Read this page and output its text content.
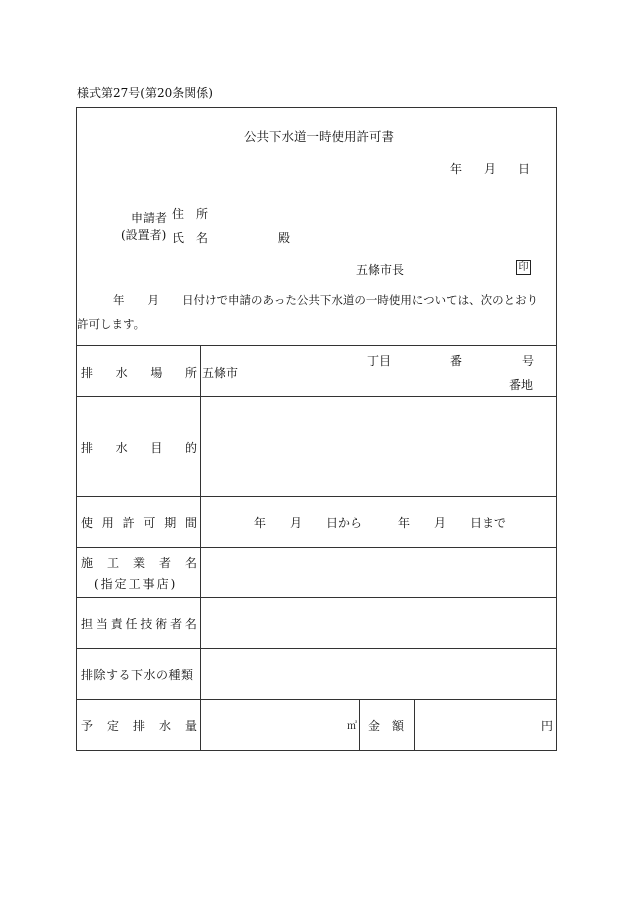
様式第27号(第20条関係)
公共下水道一時使用許可書
年 月 日
申請者
(設置者)
住　所
氏　名	殿
五條市長	印
年　　月　　日付けで申請のあった公共下水道の一時使用については、次のとおり
許可します。
排 水 場 所 五條市
丁目	番	号
番地
排 水 目 的
使 用 許 可 期 間	年　　月　　日から　　　年　　月　　日まで
施 工 業 者 名
(指定工事店)
担 当 責 任 技 術 者 名
排除する下水の種類
予 定 排 水 量	㎥ 金　額	円
